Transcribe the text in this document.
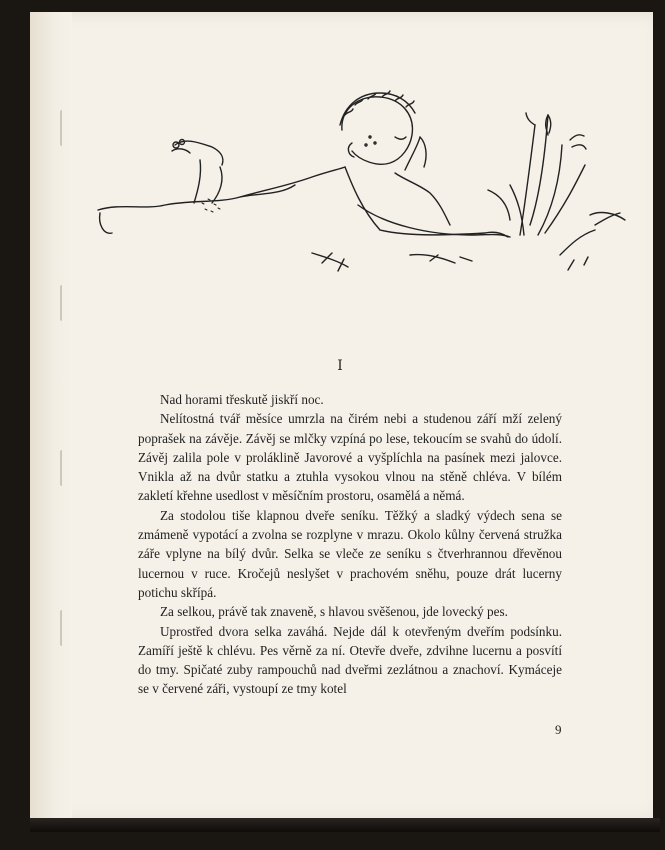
I

Nad horami třeskutě jiskří noc.

Nelítostná tvář měsíce umrzla na čirém nebi a studenou září mží zelený poprašek na závěje. Závěj se mlčky vzpíná po lese, tekoucím se svahů do údolí. Závěj zalila pole v proláklině Javorové a vyšplíchla na pasínek mezi jalovce. Vnikla až na dvůr statku a ztuhla vysokou vlnou na stěně chléva. V bílém zakletí křehne usedlost v měsíčním prostoru, osamělá a němá.

Za stodolou tiše klapnou dveře seníku. Těžký a sladký výdech sena se zmámeně vypotácí a zvolna se rozplyne v mrazu. Okolo kůlny červená stružka záře vplyne na bílý dvůr. Selka se vleče ze seníku s čtverhrannou dřevěnou lucernou v ruce. Kročejů neslyšet v prachovém sněhu, pouze drát lucerny potichu skřípá.

Za selkou, právě tak znaveně, s hlavou svěšenou, jde lovecký pes.

Uprostřed dvora selka zaváhá. Nejde dál k otevřeným dveřím podsínku. Zamíří ještě k chlévu. Pes věrně za ní. Otevře dveře, zdvihne lucernu a posvítí do tmy. Spičaté zuby rampouchů nad dveřmi zezlátnou a znachoví. Kymáceje se v červené záři, vystoupí ze tmy kotel

9
